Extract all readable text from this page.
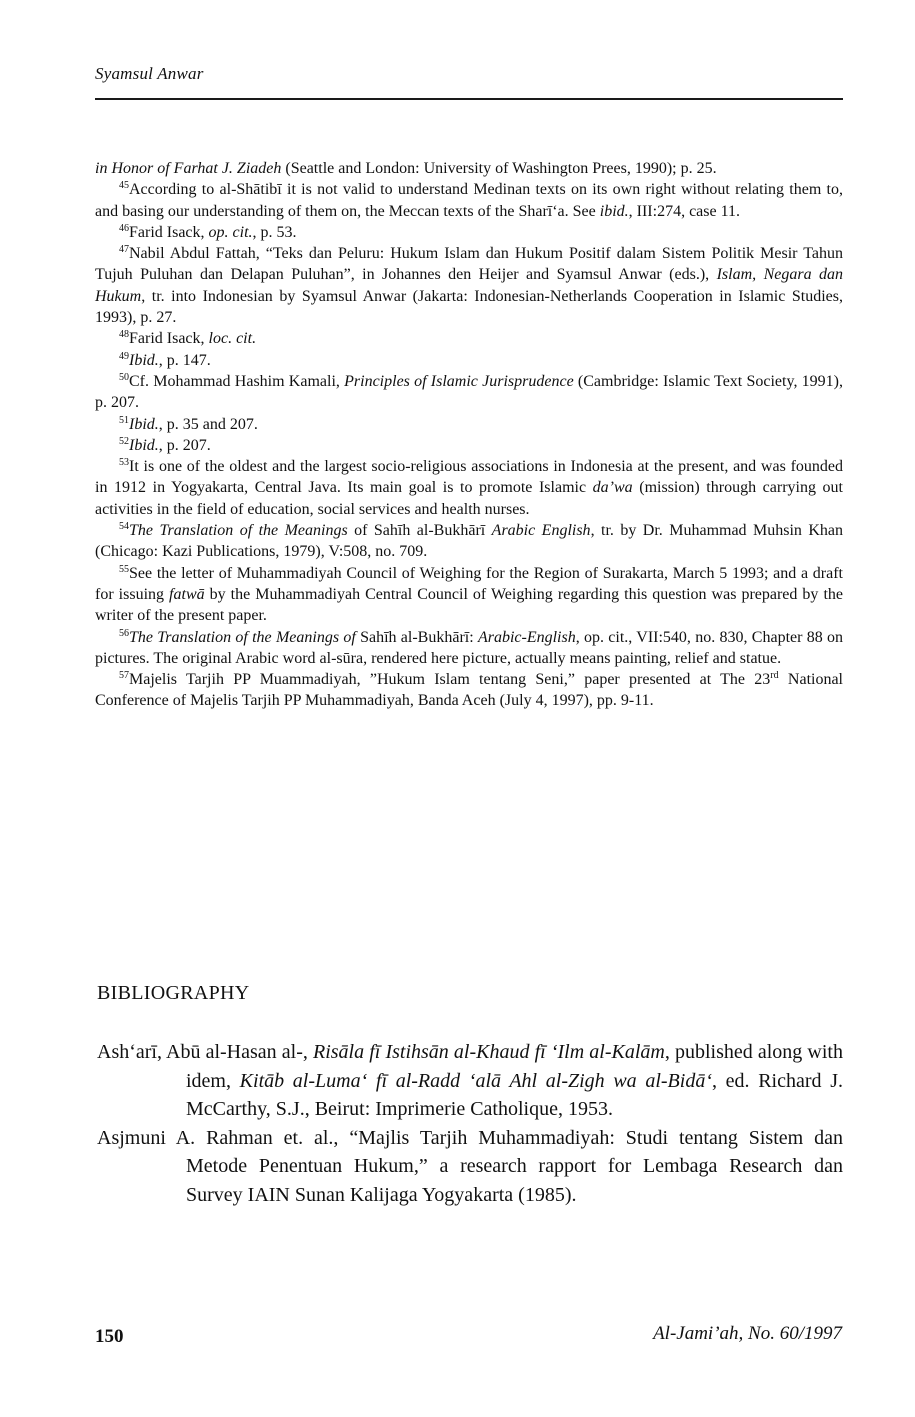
Syamsul Anwar

in Honor of Farhat J. Ziadeh (Seattle and London: University of Washington Prees, 1990); p. 25.

$^{45}$According to al-Shātibī it is not valid to understand Medinan texts on its own right without relating them to, and basing our understanding of them on, the Meccan texts of the Sharī‘a. See ibid., III:274, case 11.

$^{46}$Farid Isack, op. cit., p. 53.

$^{47}$Nabil Abdul Fattah, “Teks dan Peluru: Hukum Islam dan Hukum Positif dalam Sistem Politik Mesir Tahun Tujuh Puluhan dan Delapan Puluhan”, in Johannes den Heijer and Syamsul Anwar (eds.), Islam, Negara dan Hukum, tr. into Indonesian by Syamsul Anwar (Jakarta: Indonesian-Netherlands Cooperation in Islamic Studies, 1993), p. 27.

$^{48}$Farid Isack, loc. cit.

$^{49}$Ibid., p. 147.

$^{50}$Cf. Mohammad Hashim Kamali, Principles of Islamic Jurisprudence (Cambridge: Islamic Text Society, 1991), p. 207.

$^{51}$Ibid., p. 35 and 207.

$^{52}$Ibid., p. 207.

$^{53}$It is one of the oldest and the largest socio-religious associations in Indonesia at the present, and was founded in 1912 in Yogyakarta, Central Java. Its main goal is to promote Islamic da’wa (mission) through carrying out activities in the field of education, social services and health nurses.

$^{54}$The Translation of the Meanings of Sahīh al-Bukhārī Arabic English, tr. by Dr. Muhammad Muhsin Khan (Chicago: Kazi Publications, 1979), V:508, no. 709.

$^{55}$See the letter of Muhammadiyah Council of Weighing for the Region of Surakarta, March 5 1993; and a draft for issuing fatwā by the Muhammadiyah Central Council of Weighing regarding this question was prepared by the writer of the present paper.

$^{56}$The Translation of the Meanings of Sahīh al-Bukhārī: Arabic-English, op. cit., VII:540, no. 830, Chapter 88 on pictures. The original Arabic word al-sūra, rendered here picture, actually means painting, relief and statue.

$^{57}$Majelis Tarjih PP Muammadiyah, ”Hukum Islam tentang Seni,” paper presented at The 23rd National Conference of Majelis Tarjih PP Muhammadiyah, Banda Aceh (July 4, 1997), pp. 9-11.

BIBLIOGRAPHY

Ash‘arī, Abū al-Hasan al-, Risāla fī Istihsān al-Khaud fī ‘Ilm al-Kalām, published along with idem, Kitāb al-Luma‘ fī al-Radd ‘alā Ahl al-Zigh wa al-Bidā‘, ed. Richard J. McCarthy, S.J., Beirut: Imprimerie Catholique, 1953.

Asjmuni A. Rahman et. al., “Majlis Tarjih Muhammadiyah: Studi tentang Sistem dan Metode Penentuan Hukum,” a research rapport for Lembaga Research dan Survey IAIN Sunan Kalijaga Yogyakarta (1985).

150	Al-Jami’ah, No. 60/1997
